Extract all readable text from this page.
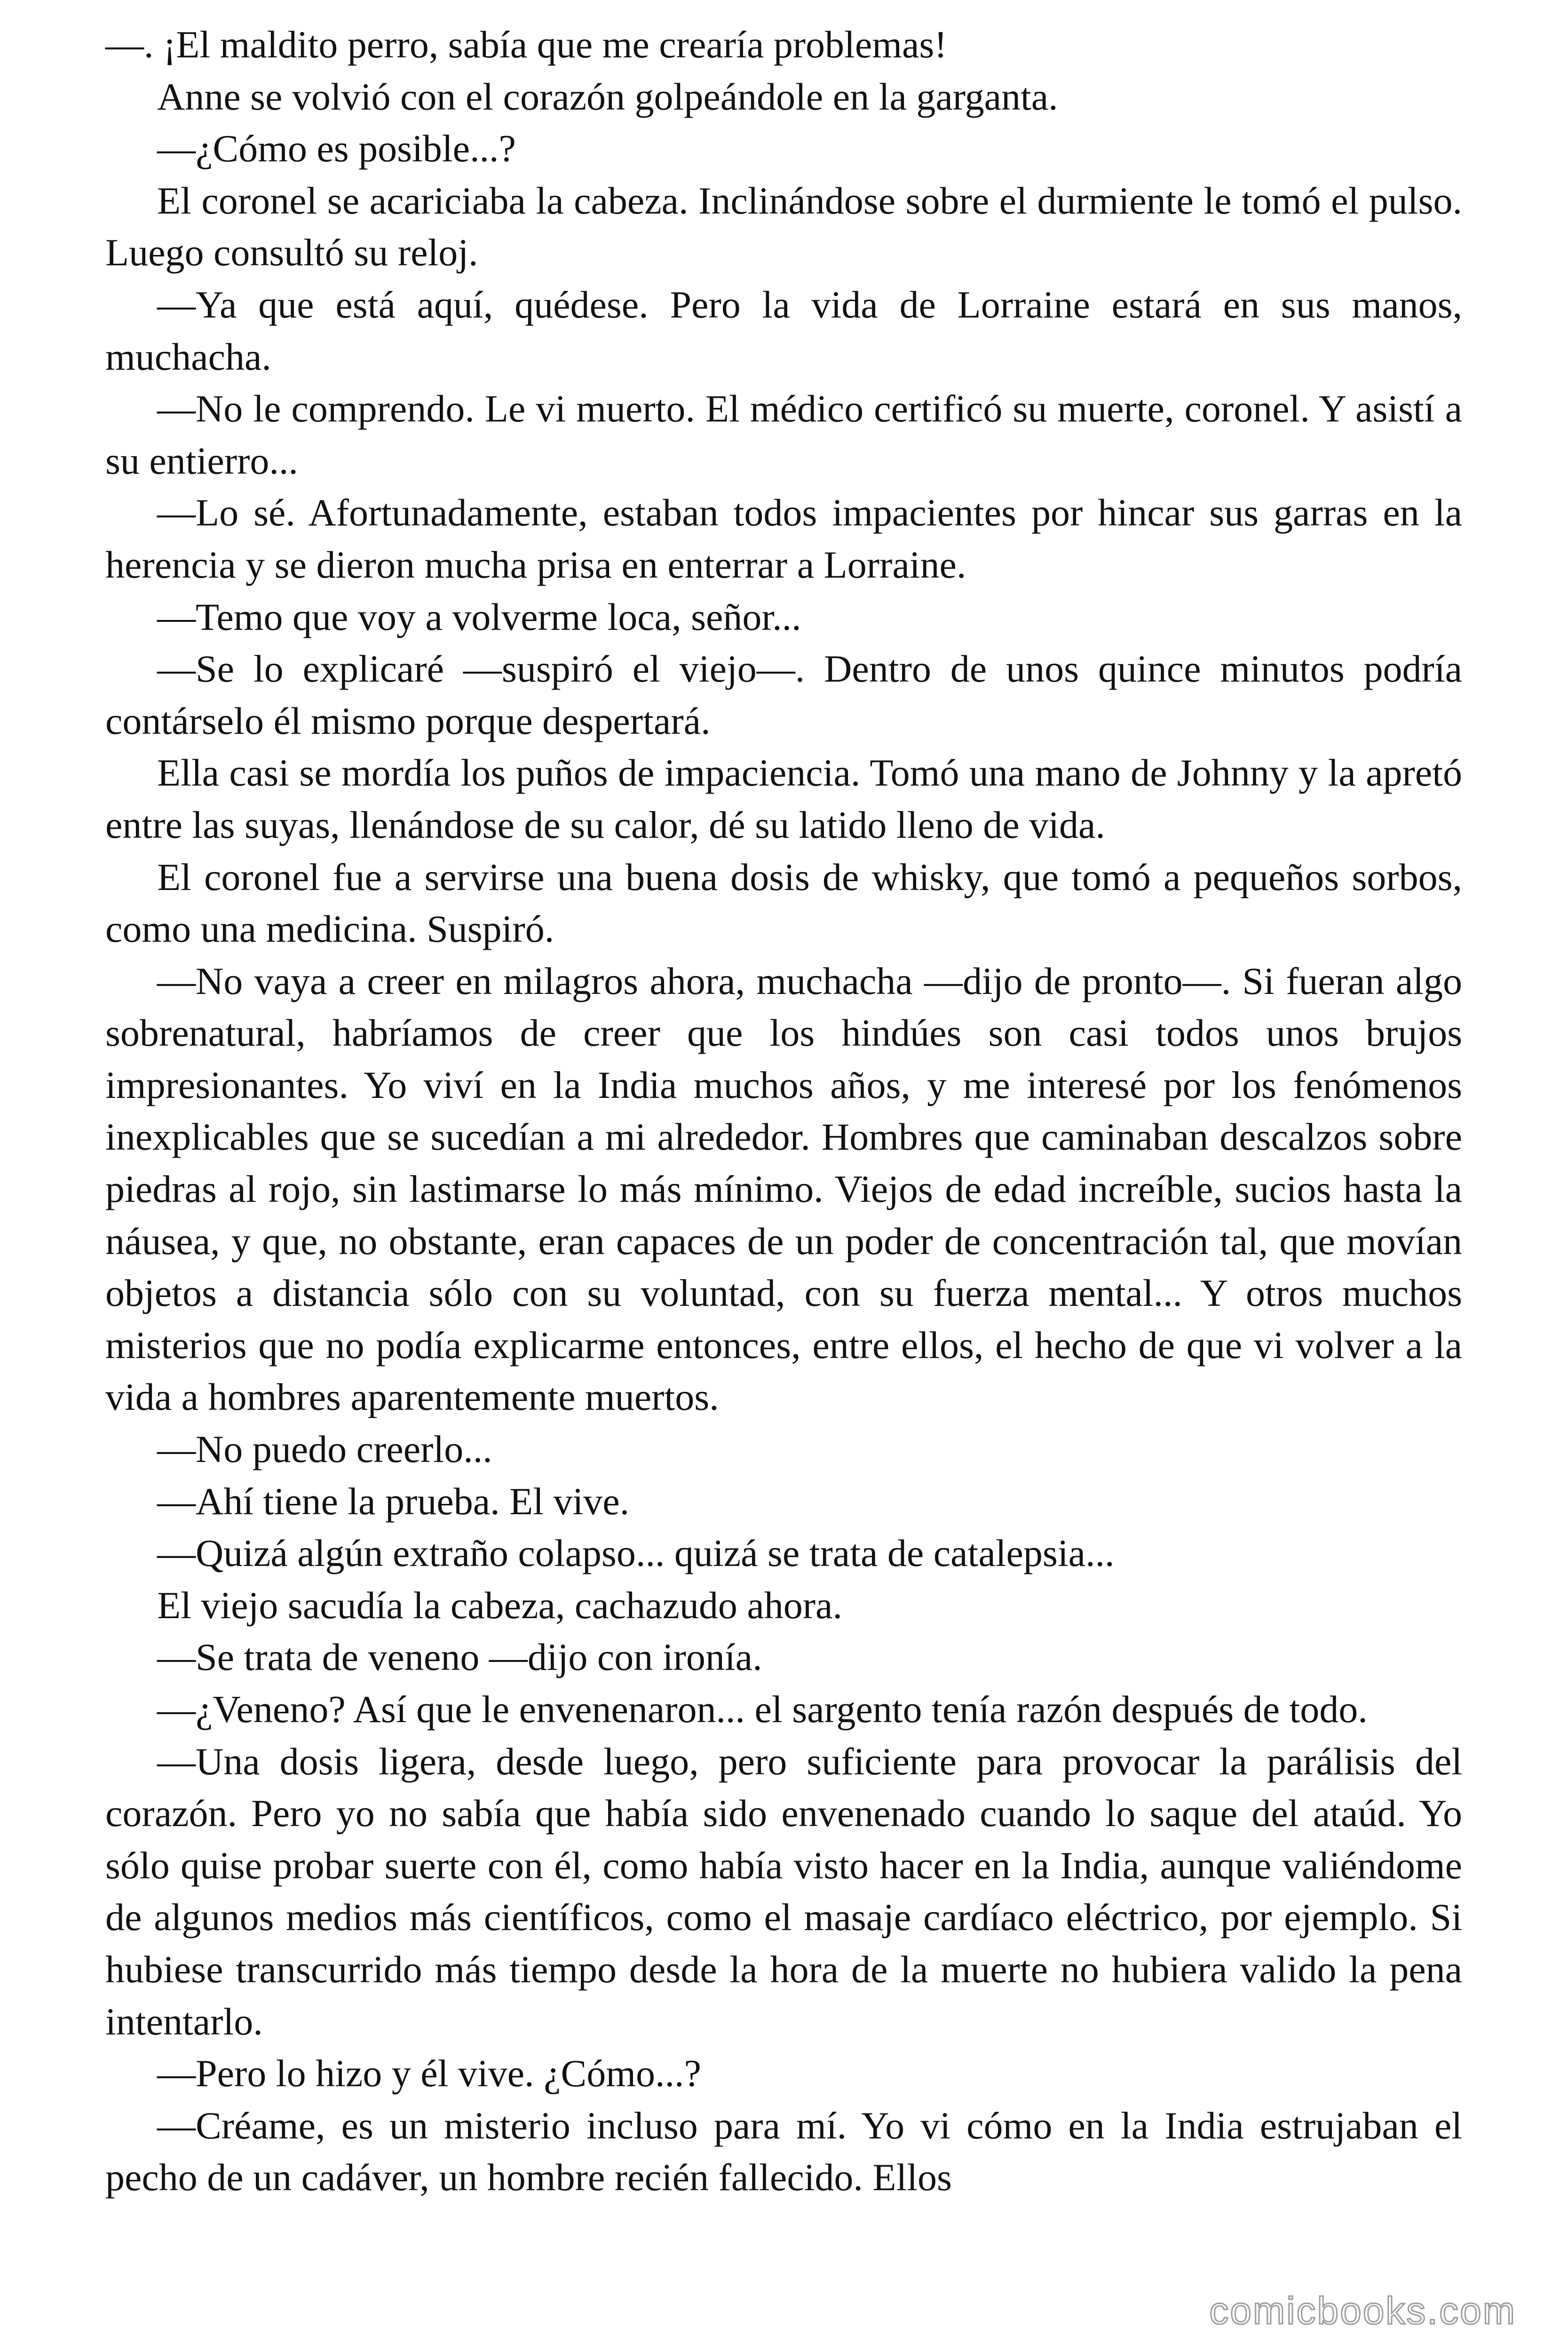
—. ¡El maldito perro, sabía que me crearía problemas!

Anne se volvió con el corazón golpeándole en la garganta.

—¿Cómo es posible...?

El coronel se acariciaba la cabeza. Inclinándose sobre el durmiente le tomó el pulso. Luego consultó su reloj.

—Ya que está aquí, quédese. Pero la vida de Lorraine estará en sus manos, muchacha.

—No le comprendo. Le vi muerto. El médico certificó su muerte, coronel. Y asistí a su entierro...

—Lo sé. Afortunadamente, estaban todos impacientes por hincar sus garras en la herencia y se dieron mucha prisa en enterrar a Lorraine.

—Temo que voy a volverme loca, señor...

—Se lo explicaré —suspiró el viejo—. Dentro de unos quince minutos podría contárselo él mismo porque despertará.

Ella casi se mordía los puños de impaciencia. Tomó una mano de Johnny y la apretó entre las suyas, llenándose de su calor, dé su latido lleno de vida.

El coronel fue a servirse una buena dosis de whisky, que tomó a pequeños sorbos, como una medicina. Suspiró.

—No vaya a creer en milagros ahora, muchacha —dijo de pronto—. Si fueran algo sobrenatural, habríamos de creer que los hindúes son casi todos unos brujos impresionantes. Yo viví en la India muchos años, y me interesé por los fenómenos inexplicables que se sucedían a mi alrededor. Hombres que caminaban descalzos sobre piedras al rojo, sin lastimarse lo más mínimo. Viejos de edad increíble, sucios hasta la náusea, y que, no obstante, eran capaces de un poder de concentración tal, que movían objetos a distancia sólo con su voluntad, con su fuerza mental... Y otros muchos misterios que no podía explicarme entonces, entre ellos, el hecho de que vi volver a la vida a hombres aparentemente muertos.

—No puedo creerlo...

—Ahí tiene la prueba. El vive.

—Quizá algún extraño colapso... quizá se trata de catalepsia...

El viejo sacudía la cabeza, cachazudo ahora.

—Se trata de veneno —dijo con ironía.

—¿Veneno? Así que le envenenaron... el sargento tenía razón después de todo.

—Una dosis ligera, desde luego, pero suficiente para provocar la parálisis del corazón. Pero yo no sabía que había sido envenenado cuando lo saque del ataúd. Yo sólo quise probar suerte con él, como había visto hacer en la India, aunque valiéndome de algunos medios más científicos, como el masaje cardíaco eléctrico, por ejemplo. Si hubiese transcurrido más tiempo desde la hora de la muerte no hubiera valido la pena intentarlo.

—Pero lo hizo y él vive. ¿Cómo...?

—Créame, es un misterio incluso para mí. Yo vi cómo en la India estrujaban el pecho de un cadáver, un hombre recién fallecido. Ellos

comicbooks.com
